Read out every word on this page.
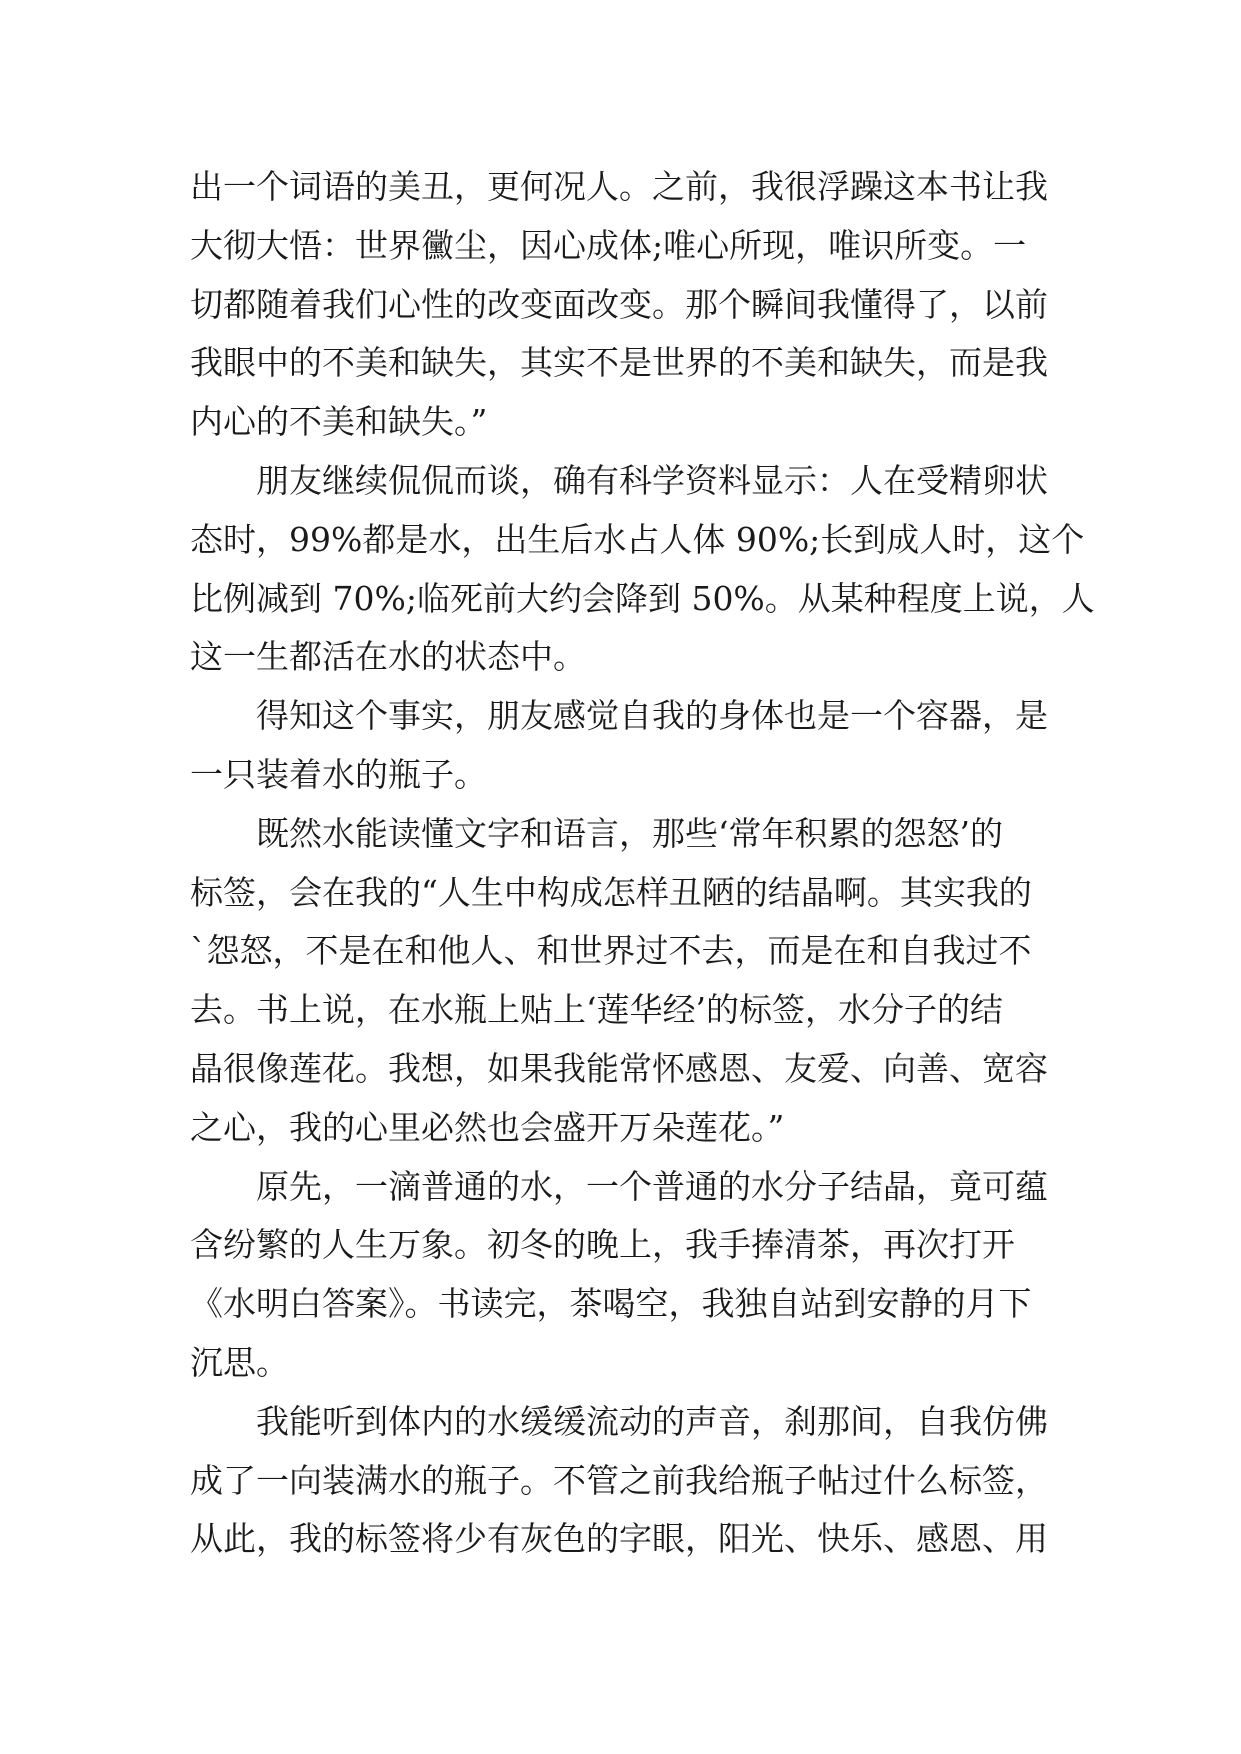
出一个词语的美丑，更何况人。之前，我很浮躁这本书让我
大彻大悟：世界黴尘，因心成体;唯心所现，唯识所变。一
切都随着我们心性的改变面改变。那个瞬间我懂得了，以前
我眼中的不美和缺失，其实不是世界的不美和缺失，而是我
内心的不美和缺失。”
朋友继续侃侃而谈，确有科学资料显示：人在受精卵状
态时，99%都是水，出生后水占人体 90%;长到成人时，这个
比例减到 70%;临死前大约会降到 50%。从某种程度上说，人
这一生都活在水的状态中。
得知这个事实，朋友感觉自我的身体也是一个容器，是
一只装着水的瓶子。
既然水能读懂文字和语言，那些‘常年积累的怨怒’的
标签，会在我的“人生中构成怎样丑陋的结晶啊。其实我的
`怨怒，不是在和他人、和世界过不去，而是在和自我过不
去。书上说，在水瓶上贴上‘莲华经’的标签，水分子的结
晶很像莲花。我想，如果我能常怀感恩、友爱、向善、宽容
之心，我的心里必然也会盛开万朵莲花。”
原先，一滴普通的水，一个普通的水分子结晶，竟可蕴
含纷繁的人生万象。初冬的晚上，我手捧清茶，再次打开
《水明白答案》。书读完，茶喝空，我独自站到安静的月下
沉思。
我能听到体内的水缓缓流动的声音，刹那间，自我仿佛
成了一向装满水的瓶子。不管之前我给瓶子帖过什么标签，
从此，我的标签将少有灰色的字眼，阳光、快乐、感恩、用
